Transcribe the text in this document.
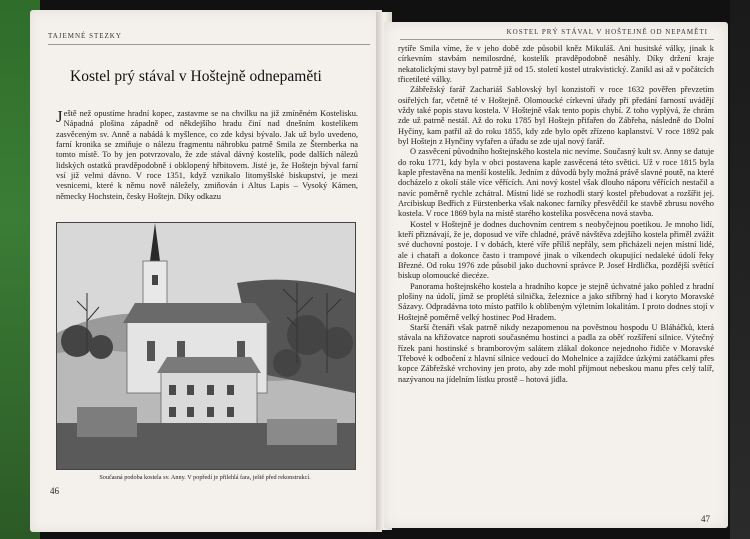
TAJEMNÉ STEZKY
Kostel prý stával v Hoštejně odnepaměti

Ještě než opustíme hradní kopec, zastavme se na chvilku na již zmíněném Kostelisku. Nápadná plošina západně od někdejšího hradu činí nad dnešním kostelíkem zasvěceným sv. Anně a nabádá k myšlence, co zde kdysi bývalo. Jak už bylo uvedeno, farní kronika se zmiňuje o nálezu fragmentu náhrobku patrně Smila ze Šternberka na tomto místě. To by jen potvrzovalo, že zde stával dávný kostelík, pode dalších nálezů lidských ostatků pravděpodobně i obklopený hřbitovem. Jisté je, že Hoštejn býval farní vsí již velmi dávno. V roce 1351, když vznikalo litomyšlské biskupství, je mezi vesnicemi, které k němu nově náležely, zmiňován i Altus Lapis – Vysoký Kámen, německy Hochstein, česky Hoštejn. Díky odkazu

Současná podoba kostela sv. Anny. V popředí je přilehlá fara, ještě před rekonstrukcí.
46
KOSTEL PRÝ STÁVAL V HOŠTEJNĚ OD NEPAMĚTI

rytíře Smila víme, že v jeho době zde působil kněz Mikuláš. Ani husitské války, jinak k církevním stavbám nemilosrdné, kostelík pravděpodobně nesáhly. Díky držení kraje nekatolickými stavy byl patrně již od 15. století kostel utrakvistický. Zanikl asi až v počátcích třicetileté války.

Zábřežský farář Zachariáš Sablovský byl konzistoří v roce 1632 pověřen převzetím osiřelých far, včetně té v Hoštejně. Olomoucké církevní úřady při předání farností uvádějí vždy také popis stavu kostela. V Hoštejně však tento popis chybí. Z toho vyplývá, že chrám zde už patrně nestál. Až do roku 1785 byl Hoštejn přifařen do Zábřeha, následně do Dolní Hyčiny, kam patřil až do roku 1855, kdy zde bylo opět zřízeno kaplanství. V roce 1892 pak byl Hoštejn z Hynčiny vyfařen a úřadu se zde ujal nový farář.

O zasvěcení původního hoštejnského kostela nic nevíme. Současný kult sv. Anny se datuje do roku 1771, kdy byla v obci postavena kaple zasvěcená této světici. Už v roce 1815 byla kaple přestavěna na menší kostelík. Jedním z důvodů byly možná právě slavné poutě, na které docházelo z okolí stále více věřících. Ani nový kostel však dlouho náporu věřících nestačil a navíc poměrně rychle zchátral. Místní lidé se rozhodli starý kostel přebudovat a rozšířit jej. Arcibiskup Bedřich z Fürstenberka však nakonec farníky přesvědčil ke stavbě zbrusu nového kostela. V roce 1869 byla na místě starého kostelíka posvěcena nová stavba.

Kostel v Hoštejně je dodnes duchovním centrem s neobyčejnou poetikou. Je mnoho lidí, kteří přiznávají, že je, doposud ve víře chladné, právě návštěva zdejšího kostela přiměl zvážit své duchovní postoje. I v dobách, které víře příliš nepřály, sem přicházeli nejen místní lidé, ale i chataři a dokonce často i trampové jinak o víkendech okupující nedaleké údolí řeky Březné. Od roku 1976 zde působil jako duchovní správce P. Josef Hrdlička, pozdější světící biskup olomoucké diecéze.

Panorama hoštejnského kostela a hradního kopce je stejně úchvatné jako pohled z hradní plošiny na údolí, jímž se proplétá silnička, železnice a jako stříbrný had i koryto Moravské Sázavy. Odpradávna toto místo patřilo k oblíbeným výletním lokalitám. I proto dodnes stojí v Hoštejně poměrně velký hostinec Pod Hradem.

Starší čtenáři však patrně nikdy nezapomenou na pověstnou hospodu U Bláháčků, která stávala na křižovatce naproti současnému hostinci a padla za oběť rozšíření silnice. Výtečný řízek pani hostinské s bramborovým salátem zlákal dokonce nejednoho řidiče v Moravské Třebové k odbočení z hlavní silnice vedoucí do Mohelnice a zajíždce úzkými zatáčkami přes kopce Zábřežské vrchoviny jen proto, aby zde mohl přijmout nebeskou manu přes celý talíř, nazývanou na jídelním lístku prostě – hotová jídla.

47
